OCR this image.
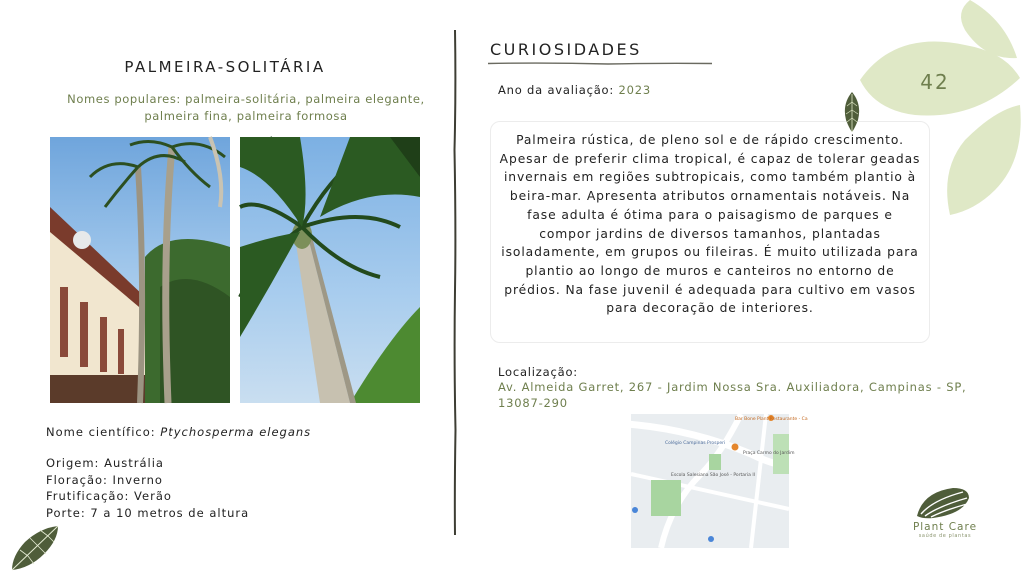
PALMEIRA-SOLITÁRIA
Nomes populares: palmeira-solitária, palmeira elegante, palmeira fina, palmeira formosa
Nome científico: Ptychosperma elegans
Origem: Austrália
Floração: Inverno
Frutificação: Verão
Porte: 7 a 10 metros de altura
CURIOSIDADES
Ano da avaliação: 2023
Palmeira rústica, de pleno sol e de rápido crescimento. Apesar de preferir clima tropical, é capaz de tolerar geadas invernais em regiões subtropicais, como também plantio à beira-mar. Apresenta atributos ornamentais notáveis. Na fase adulta é ótima para o paisagismo de parques e compor jardins de diversos tamanhos, plantadas isoladamente, em grupos ou fileiras. É muito utilizada para plantio ao longo de muros e canteiros no entorno de prédios. Na fase juvenil é adequada para cultivo em vasos para decoração de interiores.
Localização:
Av. Almeida Garret, 267 - Jardim Nossa Sra. Auxiliadora, Campinas - SP, 13087-290
Bar Bone Plant Restaurante - Ca
Colégio Campinas Prosperi
Praça Carmo do Jardim
Escola Salesiana São José - Portaria II
42
Plant Care
saúde de plantas
